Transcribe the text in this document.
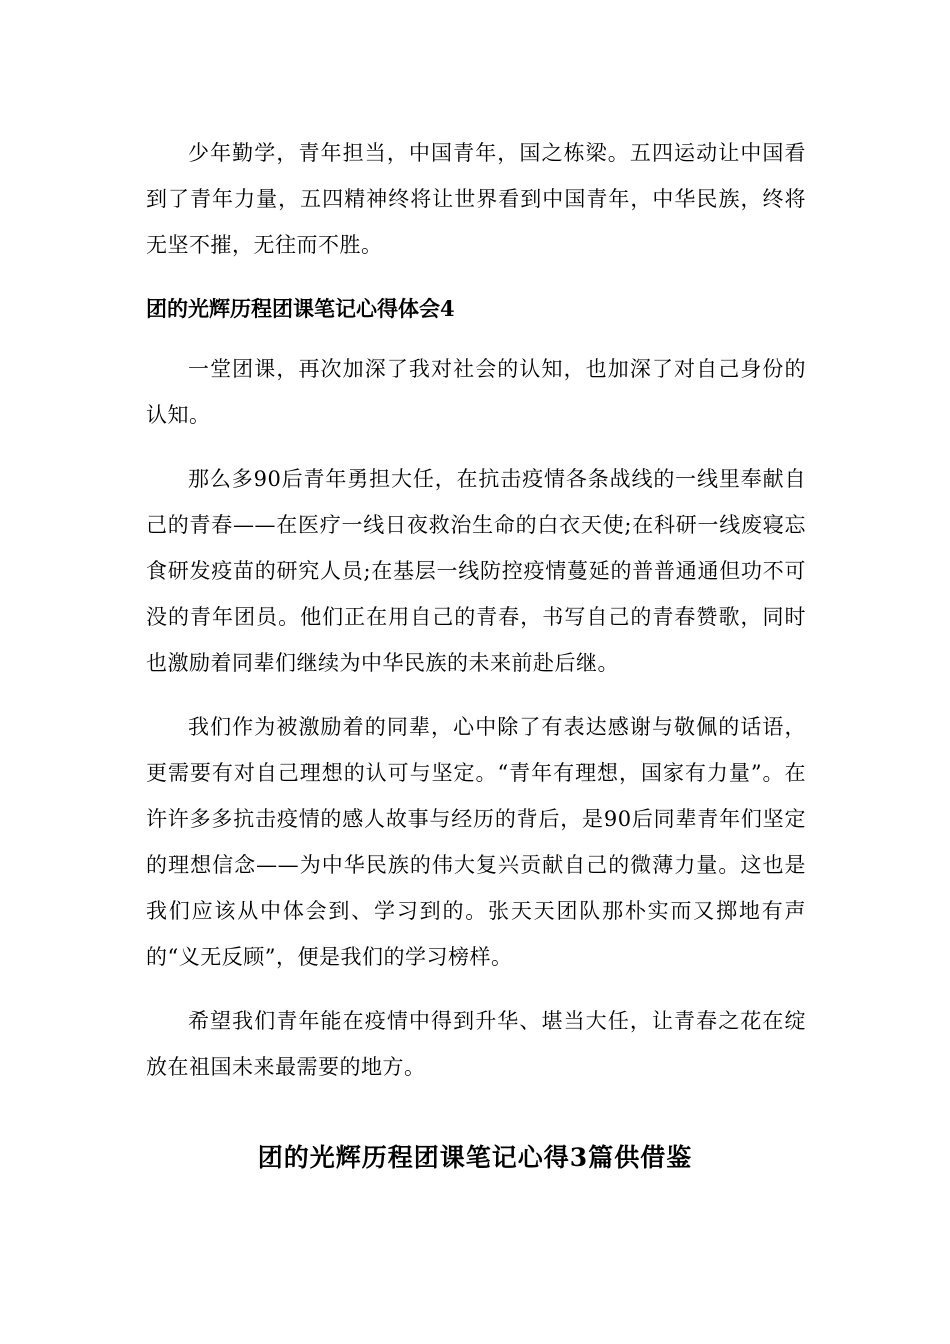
少年勤学，青年担当，中国青年，国之栋梁。五四运动让中国看到了青年力量，五四精神终将让世界看到中国青年，中华民族，终将无坚不摧，无往而不胜。

团的光辉历程团课笔记心得体会4

一堂团课，再次加深了我对社会的认知，也加深了对自己身份的认知。

那么多90后青年勇担大任，在抗击疫情各条战线的一线里奉献自己的青春——在医疗一线日夜救治生命的白衣天使;在科研一线废寝忘食研发疫苗的研究人员;在基层一线防控疫情蔓延的普普通通但功不可没的青年团员。他们正在用自己的青春，书写自己的青春赞歌，同时也激励着同辈们继续为中华民族的未来前赴后继。

我们作为被激励着的同辈，心中除了有表达感谢与敬佩的话语，更需要有对自己理想的认可与坚定。“青年有理想，国家有力量”。在许许多多抗击疫情的感人故事与经历的背后，是90后同辈青年们坚定的理想信念——为中华民族的伟大复兴贡献自己的微薄力量。这也是我们应该从中体会到、学习到的。张天天团队那朴实而又掷地有声的“义无反顾”，便是我们的学习榜样。

希望我们青年能在疫情中得到升华、堪当大任，让青春之花在绽放在祖国未来最需要的地方。

团的光辉历程团课笔记心得3篇供借鉴
